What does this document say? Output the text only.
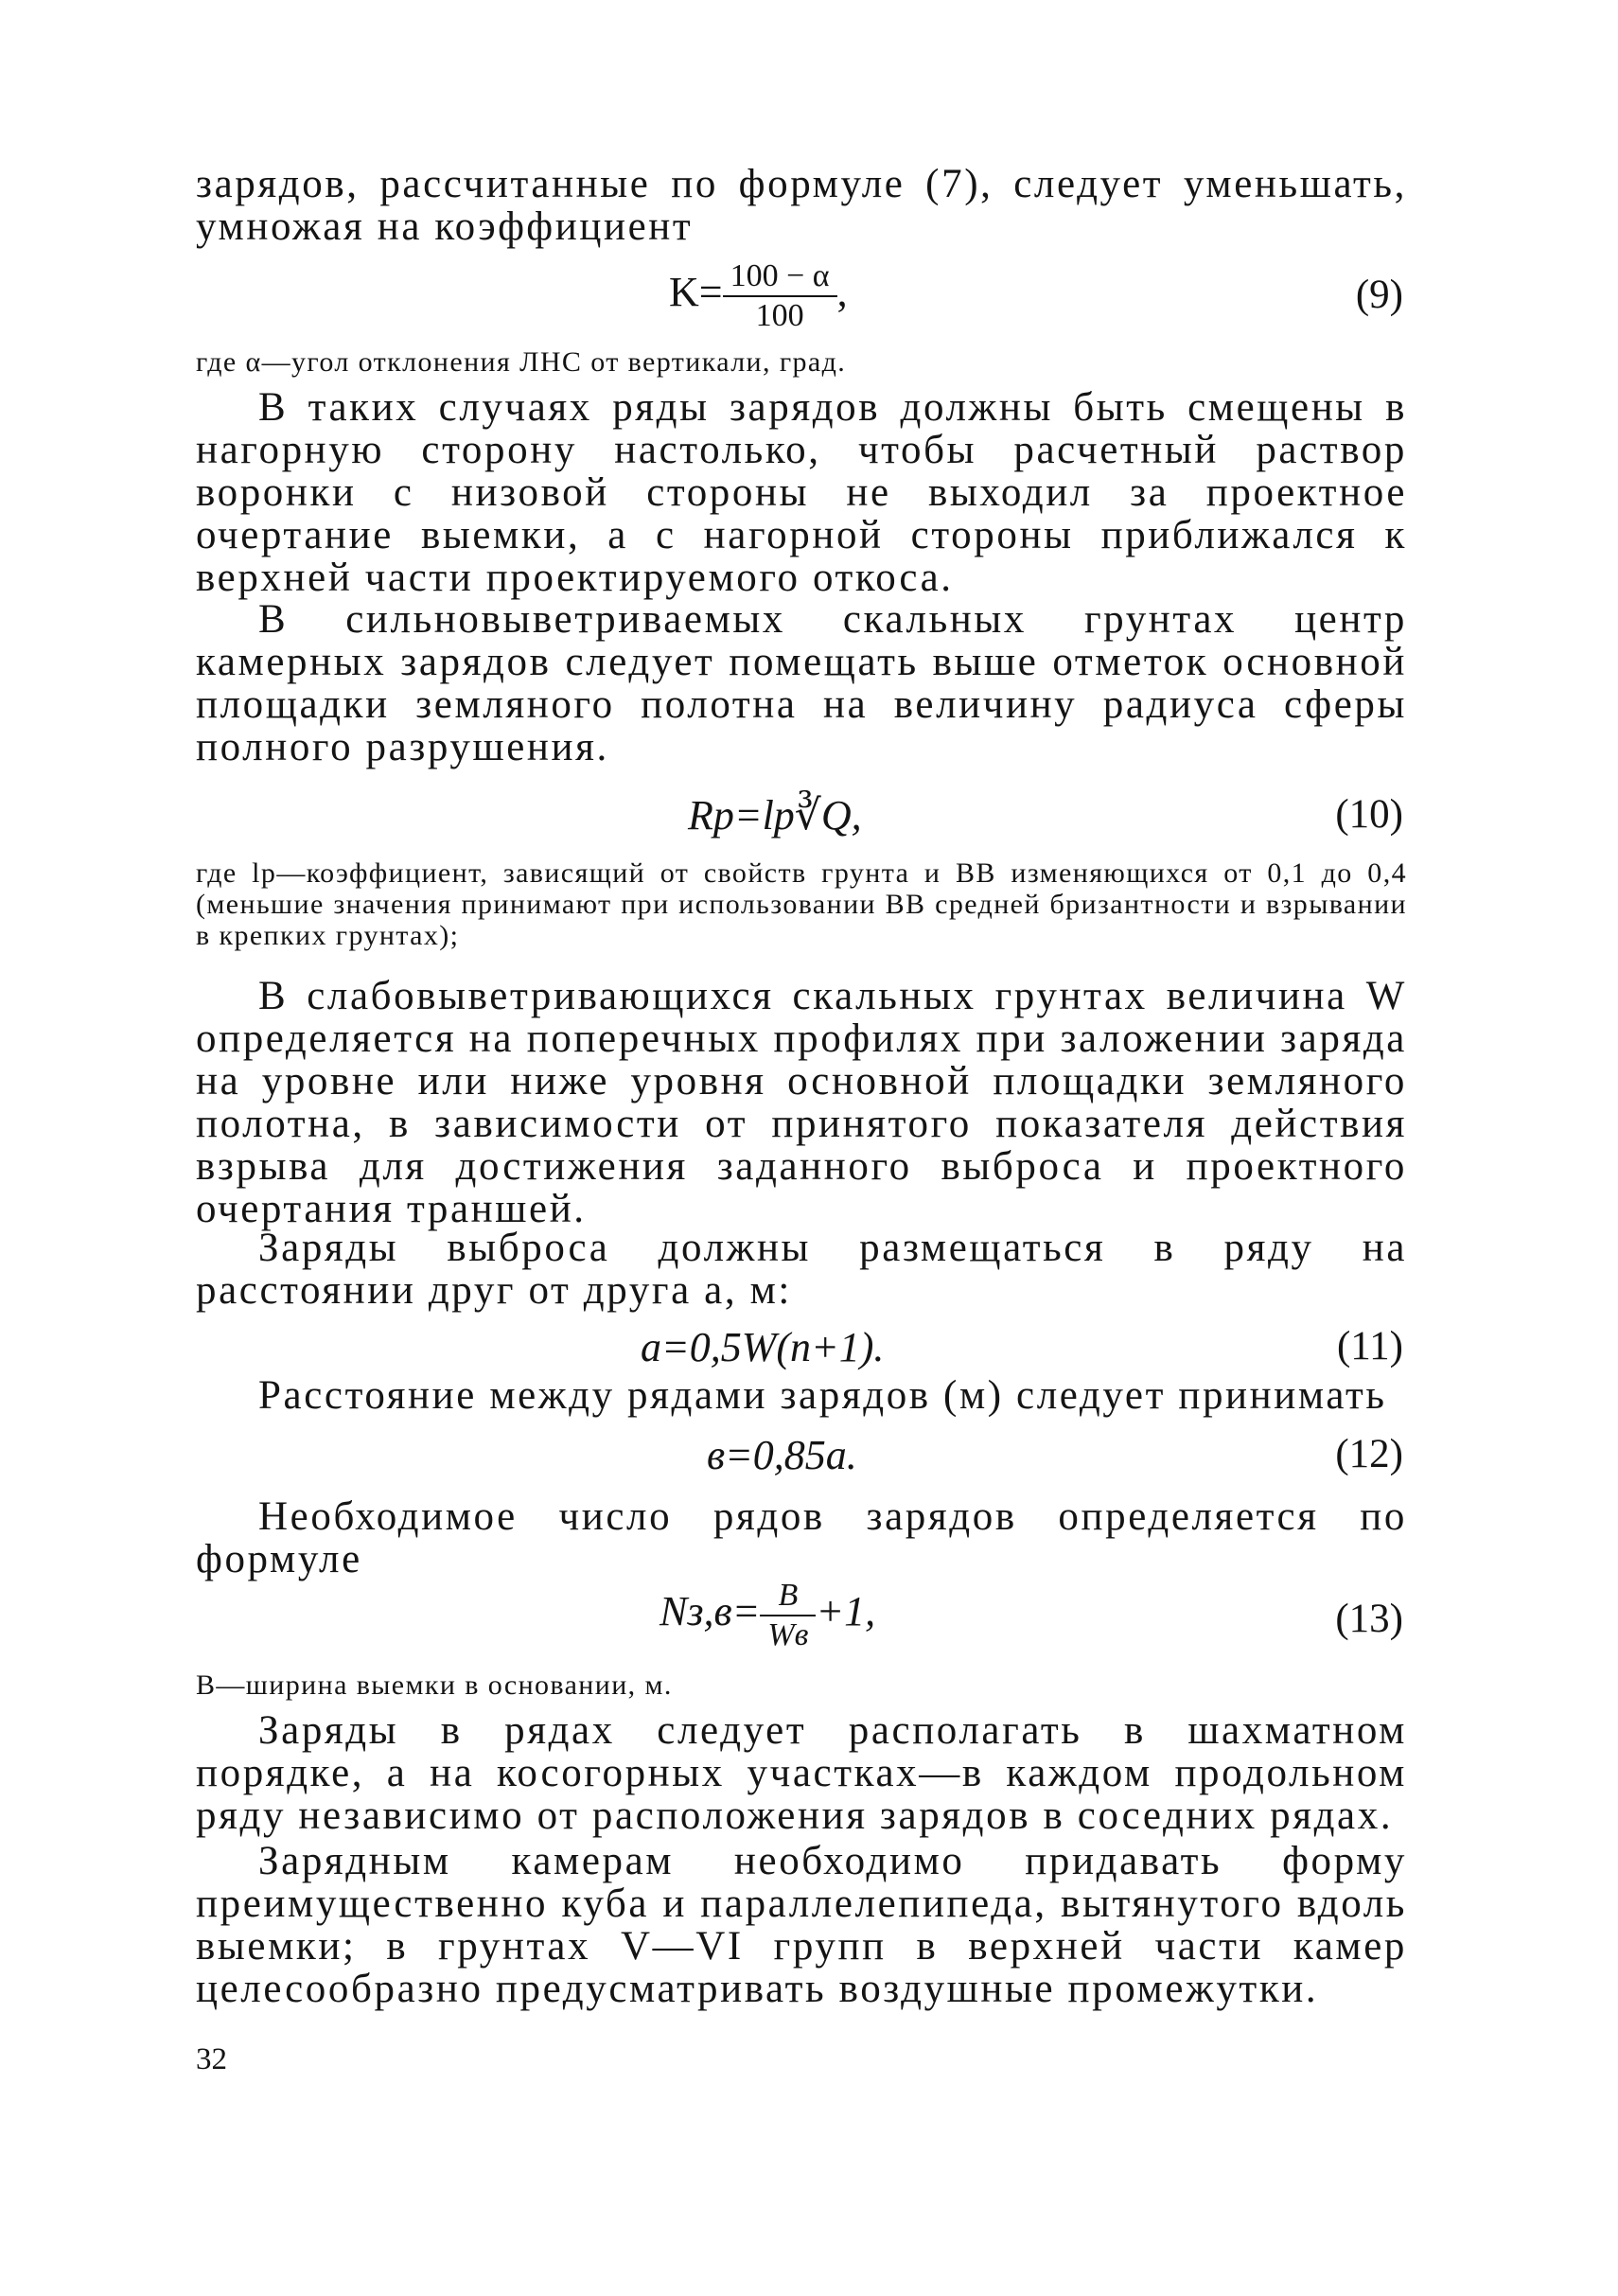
зарядов, рассчитанные по формуле (7), следует уменьшать, умножая на коэффициент

$K= \frac{100 - \alpha}{100}$ ,	(9)

где α—угол отклонения ЛНС от вертикали, град.

В таких случаях ряды зарядов должны быть смещены в нагорную сторону настолько, чтобы расчетный раствор воронки с низовой стороны не выходил за проектное очертание выемки, а с нагорной стороны приближался к верхней части проектируемого откоса.

В сильновыветриваемых скальных грунтах центр камерных зарядов следует помещать выше отметок основной площадки земляного полотна на величину радиуса сферы полного разрушения.

Rр=lр∛Q,	(10)

где lр—коэффициент, зависящий от свойств грунта и ВВ изменяющихся от 0,1 до 0,4 (меньшие значения принимают при использовании ВВ средней бризантности и взрывании в крепких грунтах);

В слабовыветривающихся скальных грунтах величина W определяется на поперечных профилях при заложении заряда на уровне или ниже уровня основной площадки земляного полотна, в зависимости от принятого показателя действия взрыва для достижения заданного выброса и проектного очертания траншей.

Заряды выброса должны размещаться в ряду на расстоянии друг от друга a, м:

a=0,5W(n+1).	(11)

Расстояние между рядами зарядов (м) следует принимать

в=0,85a.	(12)

Необходимое число рядов зарядов определяется по формуле

$Nз,в= \frac{B}{Wв} +1$,	(13)

B—ширина выемки в основании, м.

Заряды в рядах следует располагать в шахматном порядке, а на косогорных участках—в каждом продольном ряду независимо от расположения зарядов в соседних рядах.

Зарядным камерам необходимо придавать форму преимущественно куба и параллелепипеда, вытянутого вдоль выемки; в грунтах V—VI групп в верхней части камер целесообразно предусматривать воздушные промежутки.

32
